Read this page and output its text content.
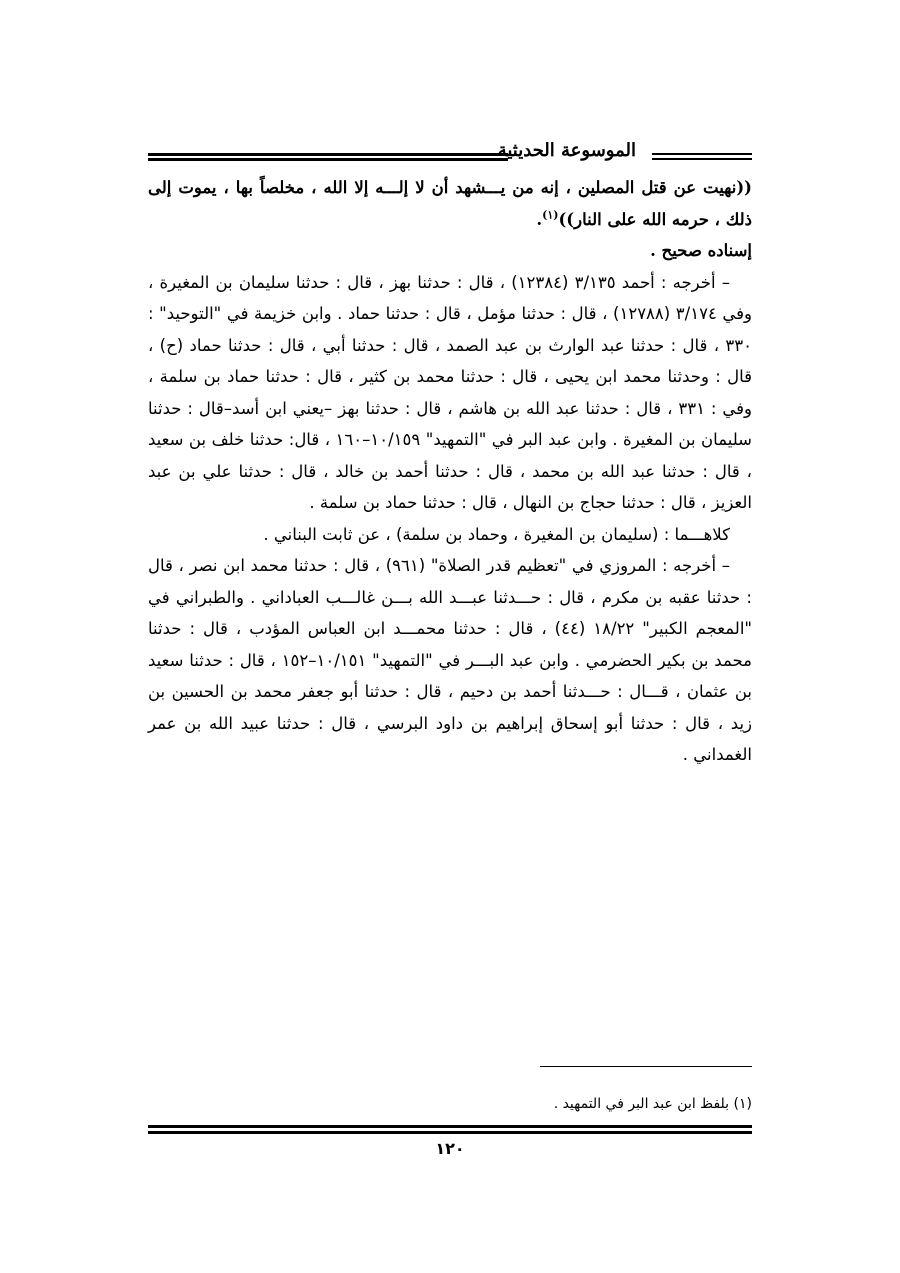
الموسوعة الحديثية

((نهيت عن قتل المصلين ، إنه من يـــشهد أن لا إلـــه إلا الله ، مخلصاً بها ، يموت إلى ذلك ، حرمه الله على النار))$^{(١)}$.

إسناده صحيح .

– أخرجه : أحمد ٣/١٣٥ (١٢٣٨٤) ، قال : حدثنا بهز ، قال : حدثنا سليمان بن المغيرة ، وفي ٣/١٧٤ (١٢٧٨٨) ، قال : حدثنا مؤمل ، قال : حدثنا حماد . وابن خزيمة في "التوحيد" : ٣٣٠ ، قال : حدثنا عبد الوارث بن عبد الصمد ، قال : حدثنا أبي ، قال : حدثنا حماد (ح) ، قال : وحدثنا محمد ابن يحيى ، قال : حدثنا محمد بن كثير ، قال : حدثنا حماد بن سلمة ، وفي : ٣٣١ ، قال : حدثنا عبد الله بن هاشم ، قال : حدثنا بهز –يعني ابن أسد–قال : حدثنا سليمان بن المغيرة . وابن عبد البر في "التمهيد" ١٠/١٥٩–١٦٠ ، قال: حدثنا خلف بن سعيد ، قال : حدثنا عبد الله بن محمد ، قال : حدثنا أحمد بن خالد ، قال : حدثنا علي بن عبد العزيز ، قال : حدثنا حجاج بن النهال ، قال : حدثنا حماد بن سلمة .

كلاهـــما : (سليمان بن المغيرة ، وحماد بن سلمة) ، عن ثابت البناني .

– أخرجه : المروزي في "تعظيم قدر الصلاة" (٩٦١) ، قال : حدثنا محمد ابن نصر ، قال : حدثنا عقبه بن مكرم ، قال : حـــدثنا عبـــد الله بـــن غالـــب العباداني . والطبراني في "المعجم الكبير" ١٨/٢٢ (٤٤) ، قال : حدثنا محمـــد ابن العباس المؤدب ، قال : حدثنا محمد بن بكير الحضرمي . وابن عبد البـــر في "التمهيد" ١٠/١٥١–١٥٢ ، قال : حدثنا سعيد بن عثمان ، قـــال : حـــدثنا أحمد بن دحيم ، قال : حدثنا أبو جعفر محمد بن الحسين بن زيد ، قال : حدثنا أبو إسحاق إبراهيم بن داود البرسي ، قال : حدثنا عبيد الله بن عمر الغمداني .

(١) بلفظ ابن عبد البر في التمهيد .
١٢٠
